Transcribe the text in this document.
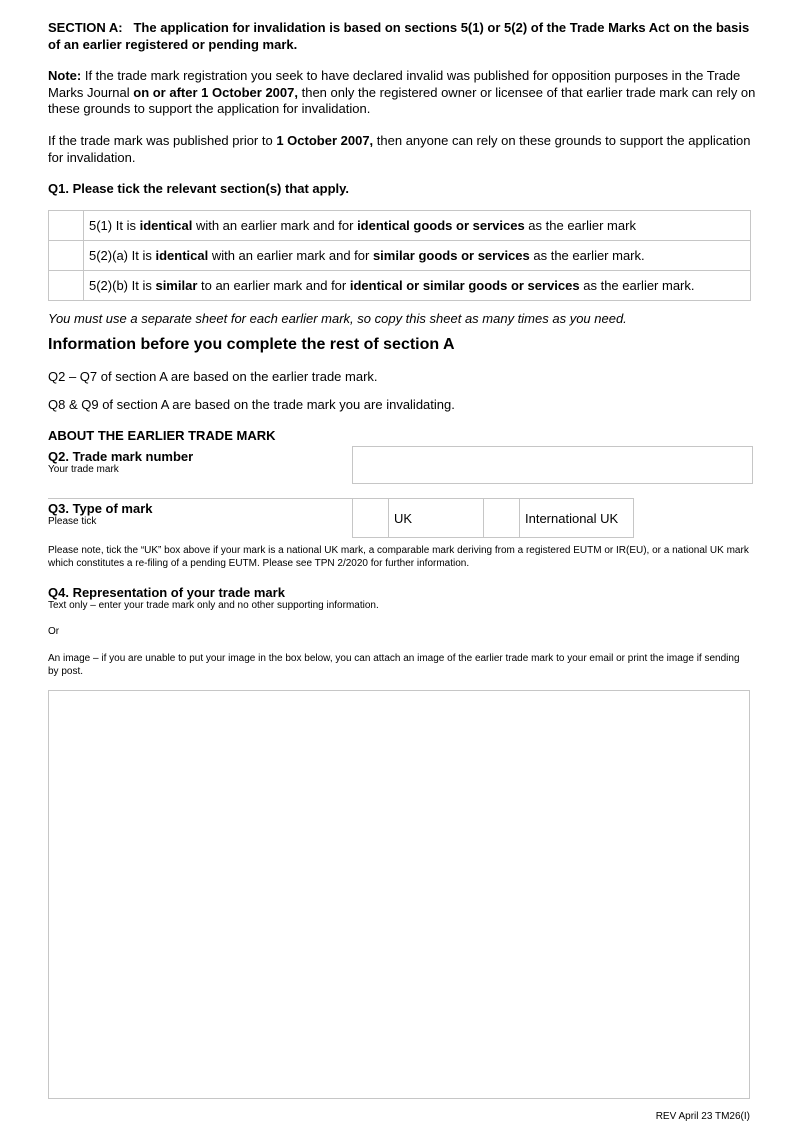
SECTION A: The application for invalidation is based on sections 5(1) or 5(2) of the Trade Marks Act on the basis of an earlier registered or pending mark.
Note: If the trade mark registration you seek to have declared invalid was published for opposition purposes in the Trade Marks Journal on or after 1 October 2007, then only the registered owner or licensee of that earlier trade mark can rely on these grounds to support the application for invalidation.
If the trade mark was published prior to 1 October 2007, then anyone can rely on these grounds to support the application for invalidation.
Q1. Please tick the relevant section(s) that apply.
	5(1) It is identical with an earlier mark and for identical goods or services as the earlier mark
	5(2)(a) It is identical with an earlier mark and for similar goods or services as the earlier mark.
	5(2)(b) It is similar to an earlier mark and for identical or similar goods or services as the earlier mark.
You must use a separate sheet for each earlier mark, so copy this sheet as many times as you need.
Information before you complete the rest of section A
Q2 – Q7 of section A are based on the earlier trade mark.
Q8 & Q9 of section A are based on the trade mark you are invalidating.
ABOUT THE EARLIER TRADE MARK
Q2. Trade mark number
Your trade mark
Q3. Type of mark
Please tick
		UK		International UK
Please note, tick the “UK” box above if your mark is a national UK mark, a comparable mark deriving from a registered EUTM or IR(EU), or a national UK mark which constitutes a re-filing of a pending EUTM. Please see TPN 2/2020 for further information.
Q4. Representation of your trade mark
Text only – enter your trade mark only and no other supporting information.
Or
An image – if you are unable to put your image in the box below, you can attach an image of the earlier trade mark to your email or print the image if sending by post.
REV April 23 TM26(I)
